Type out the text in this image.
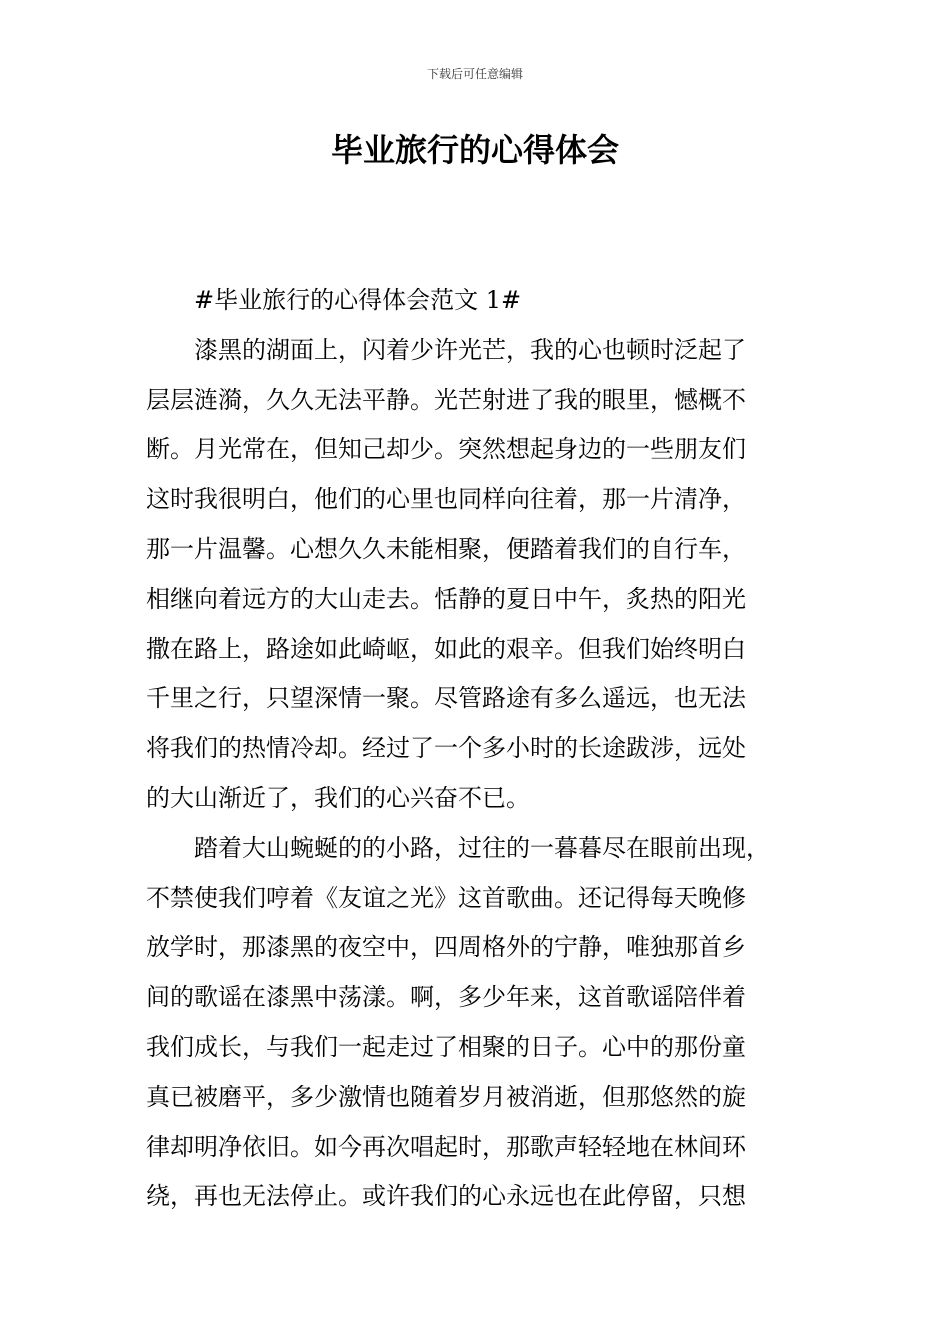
下载后可任意编辑
毕业旅行的心得体会
#毕业旅行的心得体会范文 1#
漆黑的湖面上，闪着少许光芒，我的心也顿时泛起了
层层涟漪，久久无法平静。光芒射进了我的眼里，憾概不
断。月光常在，但知己却少。突然想起身边的一些朋友们
这时我很明白，他们的心里也同样向往着，那一片清净，
那一片温馨。心想久久未能相聚，便踏着我们的自行车，
相继向着远方的大山走去。恬静的夏日中午，炙热的阳光
撒在路上，路途如此崎岖，如此的艰辛。但我们始终明白
千里之行，只望深情一聚。尽管路途有多么遥远，也无法
将我们的热情冷却。经过了一个多小时的长途跋涉，远处
的大山渐近了，我们的心兴奋不已。
踏着大山蜿蜒的的小路，过往的一暮暮尽在眼前出现，
不禁使我们哼着《友谊之光》这首歌曲。还记得每天晚修
放学时，那漆黑的夜空中，四周格外的宁静，唯独那首乡
间的歌谣在漆黑中荡漾。啊，多少年来，这首歌谣陪伴着
我们成长，与我们一起走过了相聚的日子。心中的那份童
真已被磨平，多少激情也随着岁月被消逝，但那悠然的旋
律却明净依旧。如今再次唱起时，那歌声轻轻地在林间环
绕，再也无法停止。或许我们的心永远也在此停留，只想
